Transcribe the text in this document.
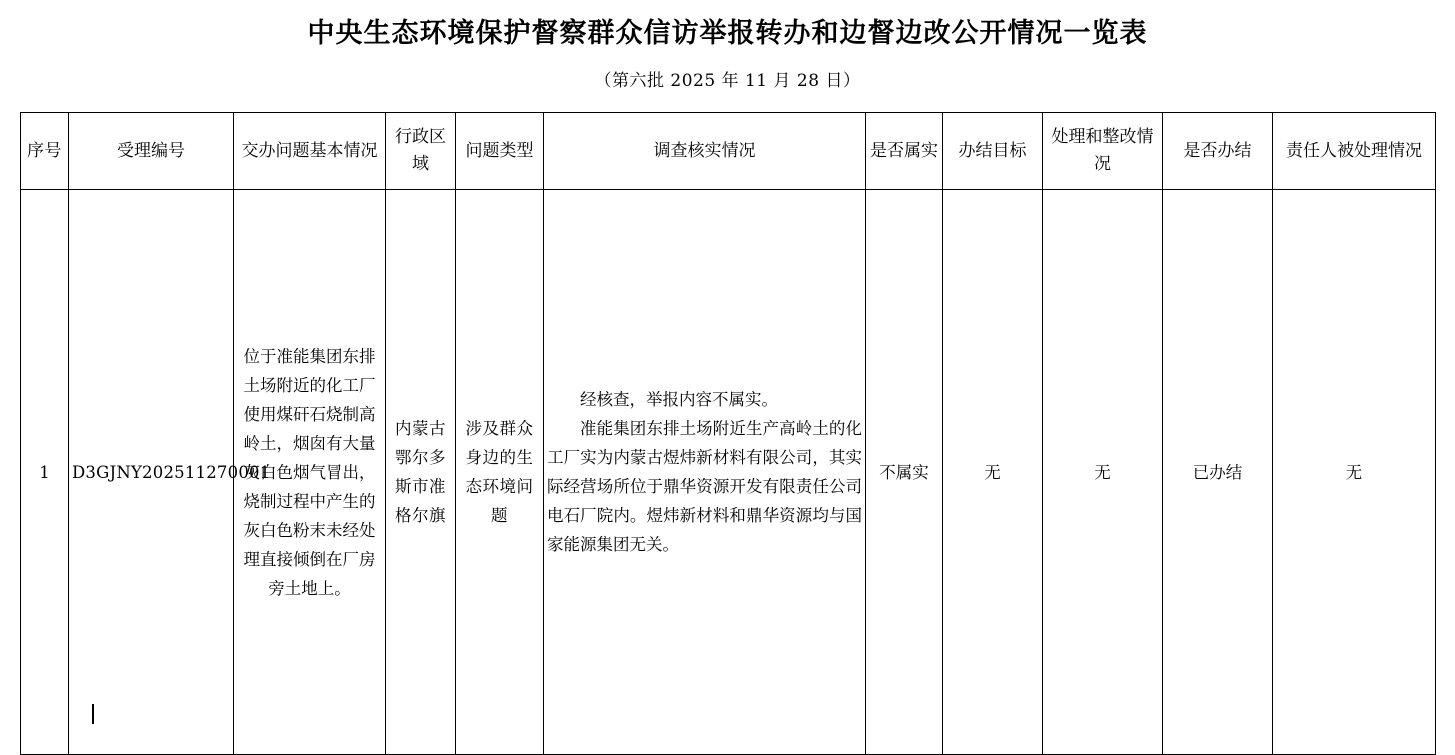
中央生态环境保护督察群众信访举报转办和边督边改公开情况一览表
（第六批 2025 年 11 月 28 日）
序号	受理编号	交办问题基本情况	行政区域	问题类型	调查核实情况	是否属实	办结目标	处理和整改情况	是否办结	责任人被处理情况
1	D3GJNY202511270001	位于准能集团东排土场附近的化工厂使用煤矸石烧制高岭土，烟囱有大量灰白色烟气冒出，烧制过程中产生的灰白色粉末未经处理直接倾倒在厂房旁土地上。	内蒙古鄂尔多斯市准格尔旗	涉及群众身边的生态环境问题	经核查，举报内容不属实。

准能集团东排土场附近生产高岭土的化工厂实为内蒙古煜炜新材料有限公司，其实际经营场所位于鼎华资源开发有限责任公司电石厂院内。煜炜新材料和鼎华资源均与国家能源集团无关。	不属实	无	无	已办结	无
